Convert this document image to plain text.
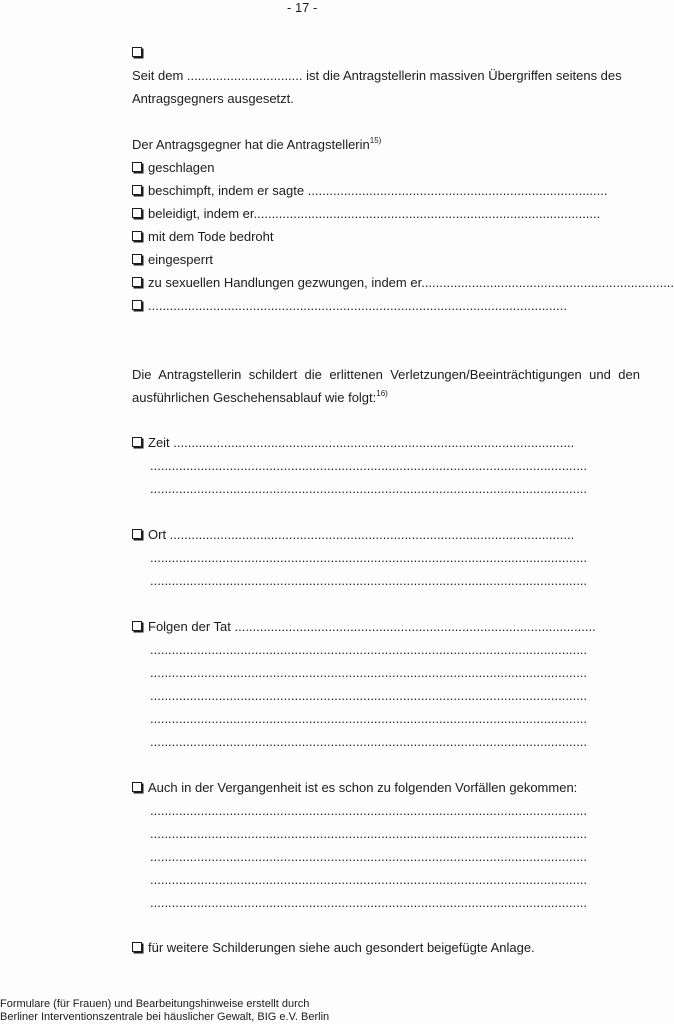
- 17 -
Seit dem ................................ ist die Antragstellerin massiven Übergriffen seitens des
Antragsgegners ausgesetzt.
Der Antragsgegner hat die Antragstellerin$^{15)}$
geschlagen
beschimpft, indem er sagte ...................................................................................
beleidigt, indem er................................................................................................
mit dem Tode bedroht
eingesperrt
zu sexuellen Handlungen gezwungen, indem er......................................................................
....................................................................................................................
Die Antragstellerin schildert die erlittenen Verletzungen/Beeinträchtigungen und den
ausführlichen Geschehensablauf wie folgt:$^{16)}$
Zeit ...............................................................................................................
.........................................................................................................................
.........................................................................................................................
Ort ................................................................................................................
.........................................................................................................................
.........................................................................................................................
Folgen der Tat ....................................................................................................
.........................................................................................................................
.........................................................................................................................
.........................................................................................................................
.........................................................................................................................
.........................................................................................................................
Auch in der Vergangenheit ist es schon zu folgenden Vorfällen gekommen:
.........................................................................................................................
.........................................................................................................................
.........................................................................................................................
.........................................................................................................................
.........................................................................................................................
für weitere Schilderungen siehe auch gesondert beigefügte Anlage.
Formulare (für Frauen) und Bearbeitungshinweise erstellt durch
Berliner Interventionszentrale bei häuslicher Gewalt, BIG e.V. Berlin
